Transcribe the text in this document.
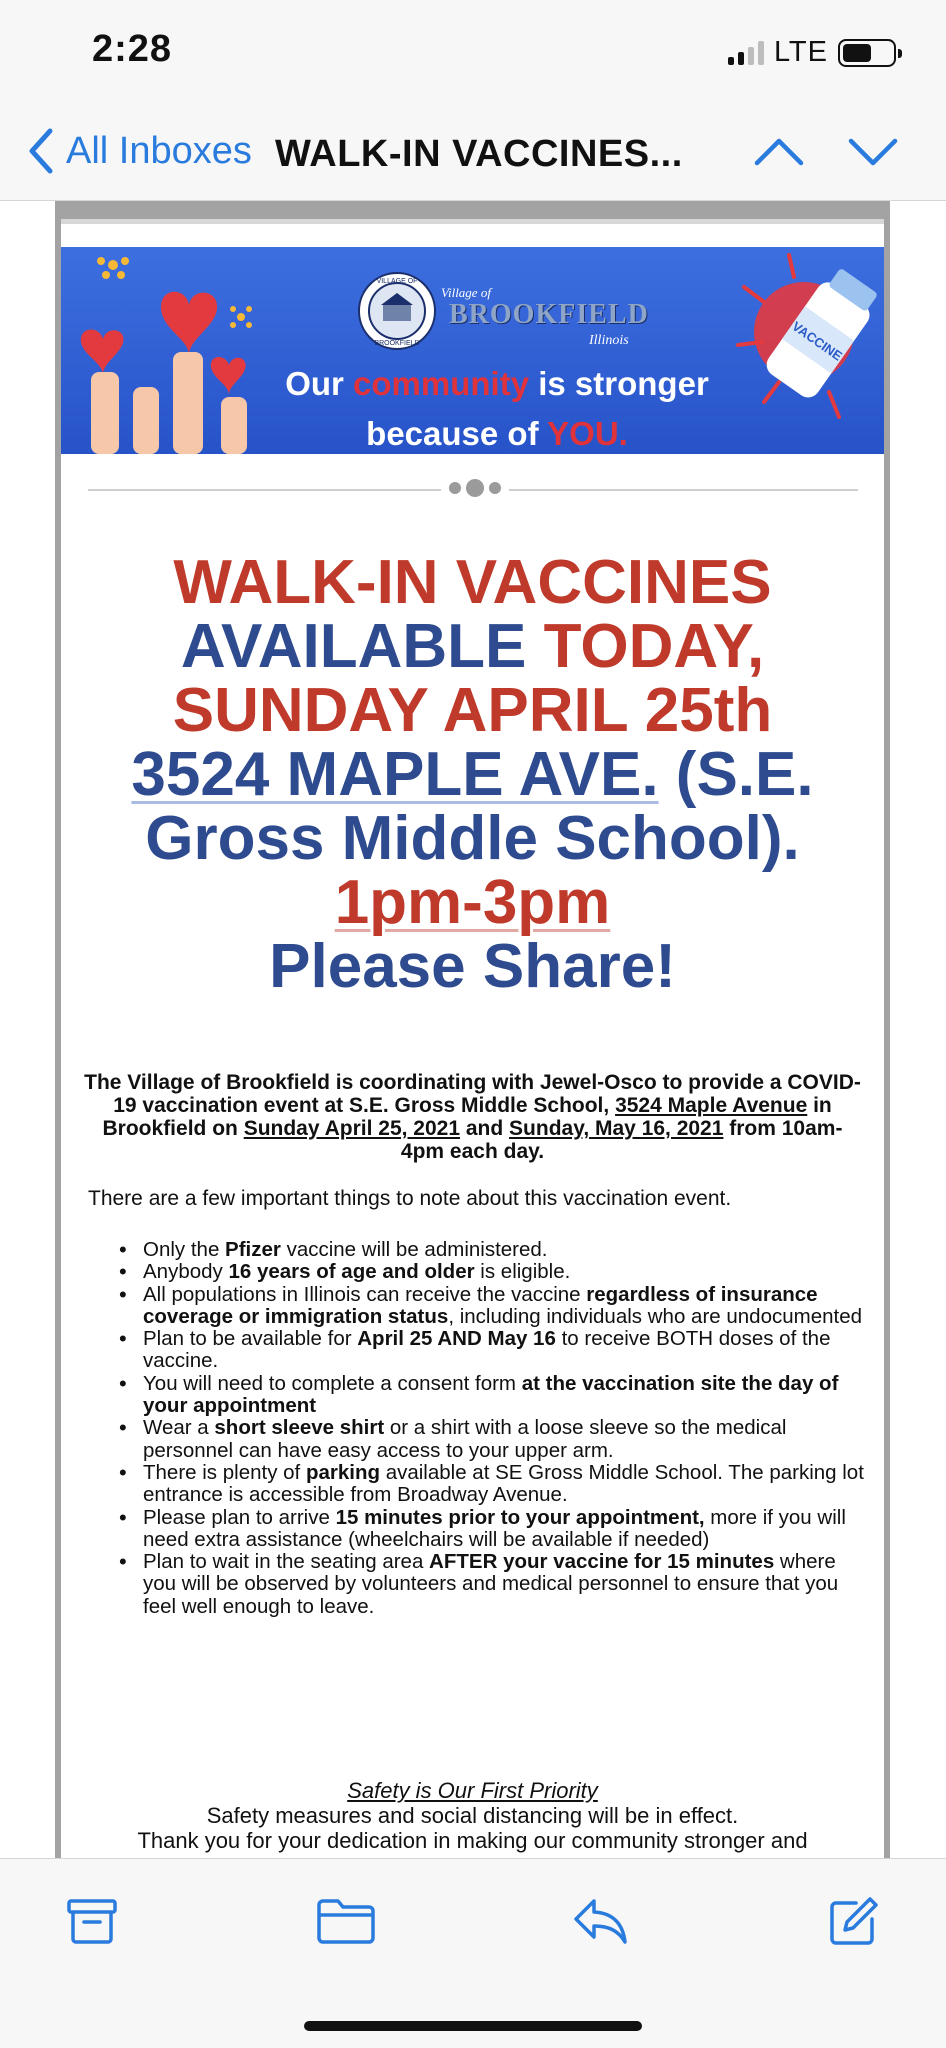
2:28	LTE
All Inboxes WALK-IN VACCINES...
VILLAGE OF
BROOKFIELD
Village of
BROOKFIELD
Illinois	VACCINE
Our community is stronger
because of YOU.
WALK-IN VACCINES
AVAILABLE TODAY,
SUNDAY APRIL 25th
3524 MAPLE AVE. (S.E.
Gross Middle School).
1pm-3pm
Please Share!
The Village of Brookfield is coordinating with Jewel-Osco to provide a COVID-19 vaccination event at S.E. Gross Middle School, 3524 Maple Avenue in Brookfield on Sunday April 25, 2021 and Sunday, May 16, 2021 from 10am-4pm each day.
There are a few important things to note about this vaccination event.
• Only the Pfizer vaccine will be administered.
• Anybody 16 years of age and older is eligible.
• All populations in Illinois can receive the vaccine regardless of insurance coverage or immigration status, including individuals who are undocumented
• Plan to be available for April 25 AND May 16 to receive BOTH doses of the vaccine.
• You will need to complete a consent form at the vaccination site the day of your appointment
• Wear a short sleeve shirt or a shirt with a loose sleeve so the medical personnel can have easy access to your upper arm.
• There is plenty of parking available at SE Gross Middle School. The parking lot entrance is accessible from Broadway Avenue.
• Please plan to arrive 15 minutes prior to your appointment, more if you will need extra assistance (wheelchairs will be available if needed)
• Plan to wait in the seating area AFTER your vaccine for 15 minutes where you will be observed by volunteers and medical personnel to ensure that you feel well enough to leave.
Safety is Our First Priority
Safety measures and social distancing will be in effect.
Thank you for your dedication in making our community stronger and
